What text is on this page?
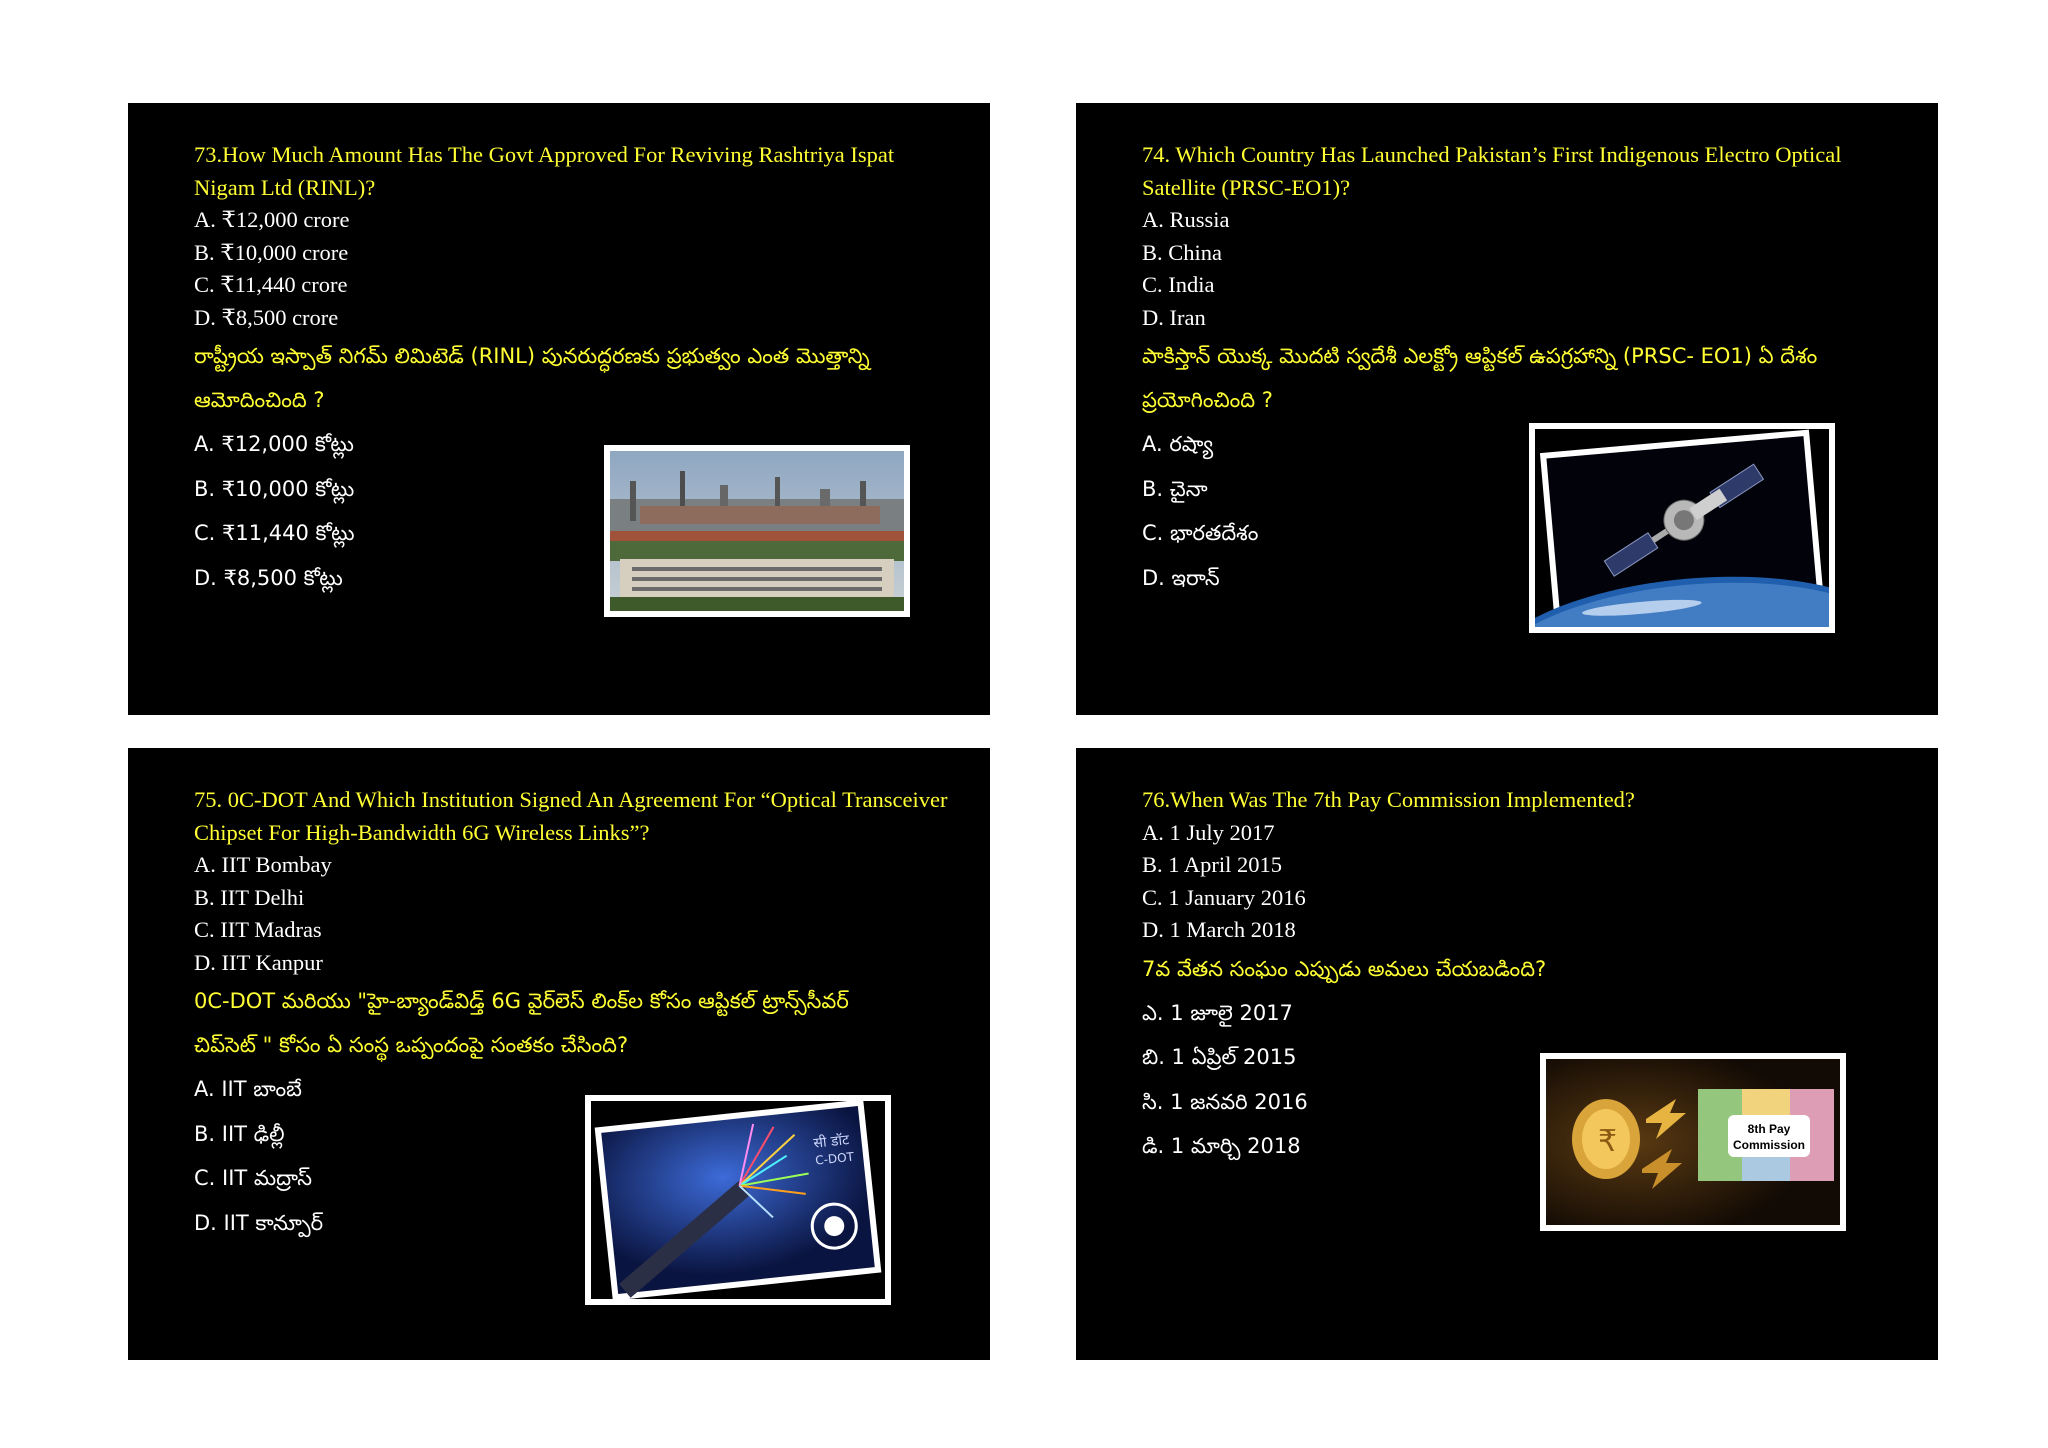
73.How Much Amount Has The Govt Approved For Reviving Rashtriya Ispat Nigam Ltd (RINL)?

A. ₹12,000 crore

B. ₹10,000 crore

C. ₹11,440 crore

D. ₹8,500 crore

రాష్ట్రీయ ఇస్పాత్ నిగమ్ లిమిటెడ్ (RINL) పునరుద్ధరణకు ప్రభుత్వం ఎంత మొత్తాన్ని

ఆమోదించింది ?

A. ₹12,000 కోట్లు

B. ₹10,000 కోట్లు

C. ₹11,440 కోట్లు

D. ₹8,500 కోట్లు

74. Which Country Has Launched Pakistan’s First Indigenous Electro Optical Satellite (PRSC-EO1)?

A. Russia

B. China

C. India

D. Iran

పాకిస్తాన్ యొక్క మొదటి స్వదేశీ ఎలక్ట్రో ఆప్టికల్ ఉపగ్రహాన్ని (PRSC- EO1) ఏ దేశం

ప్రయోగించింది ?

A. రష్యా

B. చైనా

C. భారతదేశం

D. ఇరాన్

75. 0C-DOT And Which Institution Signed An Agreement For “Optical Transceiver Chipset For High-Bandwidth 6G Wireless Links”?

A. IIT Bombay

B. IIT Delhi

C. IIT Madras

D. IIT Kanpur

0C-DOT మరియు "హై-బ్యాండ్‌విడ్త్ 6G వైర్‌లెస్ లింక్‌ల కోసం ఆప్టికల్ ట్రాన్స్‌సీవర్

చిప్‌సెట్ " కోసం ఏ సంస్థ ఒప్పందంపై సంతకం చేసింది?

A. IIT బాంబే

B. IIT ఢిల్లీ

C. IIT మద్రాస్

D. IIT కాన్పూర్

सी डॉट
C-DOT

76.When Was The 7th Pay Commission Implemented?

A. 1 July 2017

B. 1 April 2015

C. 1 January 2016

D. 1 March 2018

7వ వేతన సంఘం ఎప్పుడు అమలు చేయబడింది?

ఎ. 1 జూలై 2017

బి. 1 ఏప్రిల్ 2015

సి. 1 జనవరి 2016

డి. 1 మార్చి 2018	₹	8th Pay
Commission
